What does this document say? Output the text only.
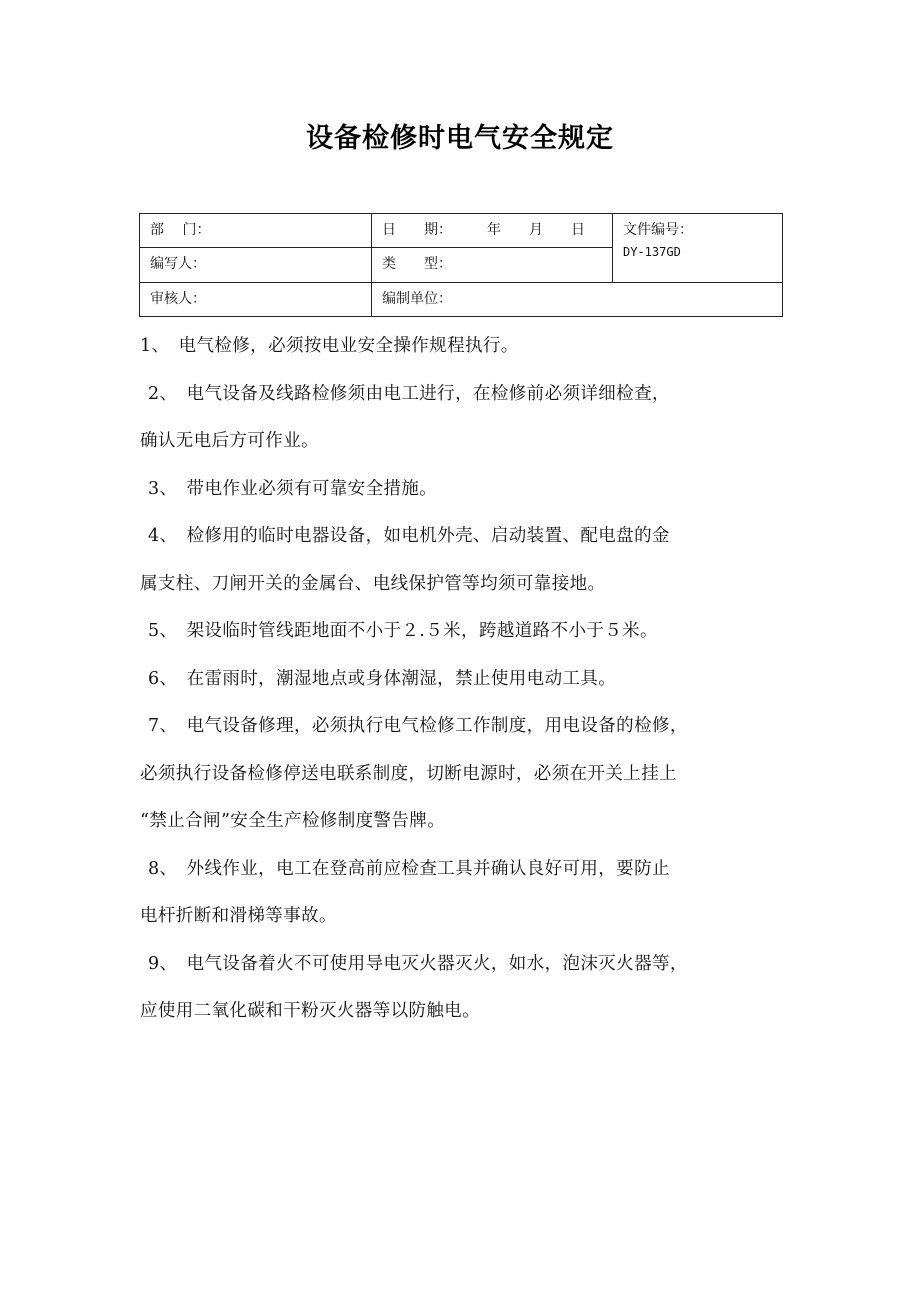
设备检修时电气安全规定
部　 门：	日　　期：　　　年　　月　　日	文件编号：
DY-137GD

编写人：	类　　型：	
审核人：	编制单位：	

1、　电气检修，必须按电业安全操作规程执行。

2、　电气设备及线路检修须由电工进行，在检修前必须详细检查，

确认无电后方可作业。

3、　带电作业必须有可靠安全措施。

4、　检修用的临时电器设备，如电机外壳、启动装置、配电盘的金

属支柱、刀闸开关的金属台、电线保护管等均须可靠接地。

5、　架设临时管线距地面不小于２.５米，跨越道路不小于５米。

6、　在雷雨时，潮湿地点或身体潮湿，禁止使用电动工具。

7、　电气设备修理，必须执行电气检修工作制度，用电设备的检修，

必须执行设备检修停送电联系制度，切断电源时，必须在开关上挂上

“禁止合闸”安全生产检修制度警告牌。

8、　外线作业，电工在登高前应检查工具并确认良好可用，要防止

电杆折断和滑梯等事故。

9、　电气设备着火不可使用导电灭火器灭火，如水，泡沫灭火器等，

应使用二氧化碳和干粉灭火器等以防触电。
